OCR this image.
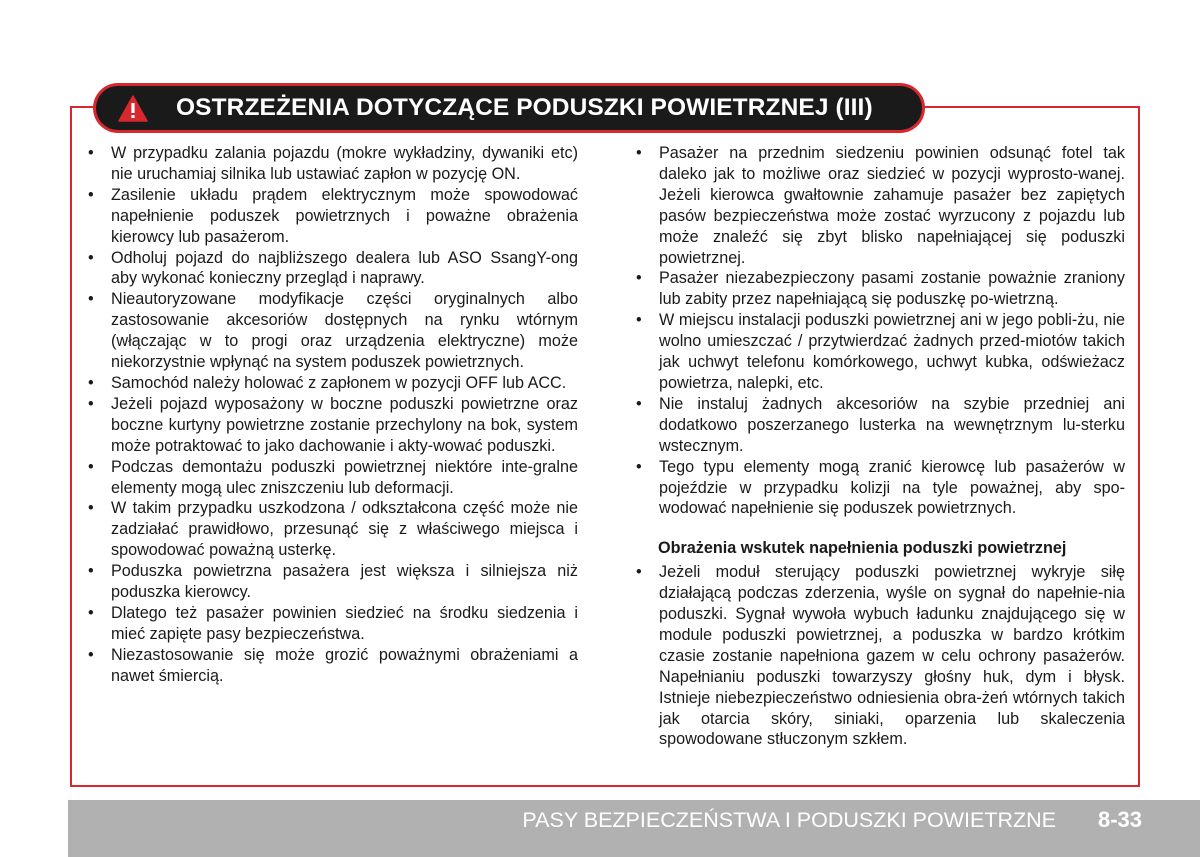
OSTRZEŻENIA DOTYCZĄCE PODUSZKI POWIETRZNEJ (III)
• W przypadku zalania pojazdu (mokre wykładziny, dywaniki etc) nie uruchamiaj silnika lub ustawiać zapłon w pozycję ON.
• Zasilenie układu prądem elektrycznym może spowodować napełnienie poduszek powietrznych i poważne obrażenia kierowcy lub pasażerom.
• Odholuj pojazd do najbliższego dealera lub ASO SsangY-ong aby wykonać konieczny przegląd i naprawy.
• Nieautoryzowane modyfikacje części oryginalnych albo zastosowanie akcesoriów dostępnych na rynku wtórnym (włączając w to progi oraz urządzenia elektryczne) może niekorzystnie wpłynąć na system poduszek powietrznych.
• Samochód należy holować z zapłonem w pozycji OFF lub ACC.
• Jeżeli pojazd wyposażony w boczne poduszki powietrzne oraz boczne kurtyny powietrzne zostanie przechylony na bok, system może potraktować to jako dachowanie i akty-wować poduszki.
• Podczas demontażu poduszki powietrznej niektóre inte-gralne elementy mogą ulec zniszczeniu lub deformacji.
• W takim przypadku uszkodzona / odkształcona część może nie zadziałać prawidłowo, przesunąć się z właściwego miejsca i spowodować poważną usterkę.
• Poduszka powietrzna pasażera jest większa i silniejsza niż poduszka kierowcy.
• Dlatego też pasażer powinien siedzieć na środku siedzenia i mieć zapięte pasy bezpieczeństwa.
• Niezastosowanie się może grozić poważnymi obrażeniami a nawet śmiercią.
• Pasażer na przednim siedzeniu powinien odsunąć fotel tak daleko jak to możliwe oraz siedzieć w pozycji wyprosto-wanej. Jeżeli kierowca gwałtownie zahamuje pasażer bez zapiętych pasów bezpieczeństwa może zostać wyrzucony z pojazdu lub może znaleźć się zbyt blisko napełniającej się poduszki powietrznej.
• Pasażer niezabezpieczony pasami zostanie poważnie zraniony lub zabity przez napełniającą się poduszkę po-wietrzną.
• W miejscu instalacji poduszki powietrznej ani w jego pobli-żu, nie wolno umieszczać / przytwierdzać żadnych przed-miotów takich jak uchwyt telefonu komórkowego, uchwyt kubka, odświeżacz powietrza, nalepki, etc.
• Nie instaluj żadnych akcesoriów na szybie przedniej ani dodatkowo poszerzanego lusterka na wewnętrznym lu-sterku wstecznym.
• Tego typu elementy mogą zranić kierowcę lub pasażerów w pojeździe w przypadku kolizji na tyle poważnej, aby spo-wodować napełnienie się poduszek powietrznych.
Obrażenia wskutek napełnienia poduszki powietrznej
• Jeżeli moduł sterujący poduszki powietrznej wykryje siłę działającą podczas zderzenia, wyśle on sygnał do napełnie-nia poduszki. Sygnał wywoła wybuch ładunku znajdującego się w module poduszki powietrznej, a poduszka w bardzo krótkim czasie zostanie napełniona gazem w celu ochrony pasażerów. Napełnianiu poduszki towarzyszy głośny huk, dym i błysk. Istnieje niebezpieczeństwo odniesienia obra-żeń wtórnych takich jak otarcia skóry, siniaki, oparzenia lub skaleczenia spowodowane stłuczonym szkłem.
PASY BEZPIECZEŃSTWA I PODUSZKI POWIETRZNE 8-33
